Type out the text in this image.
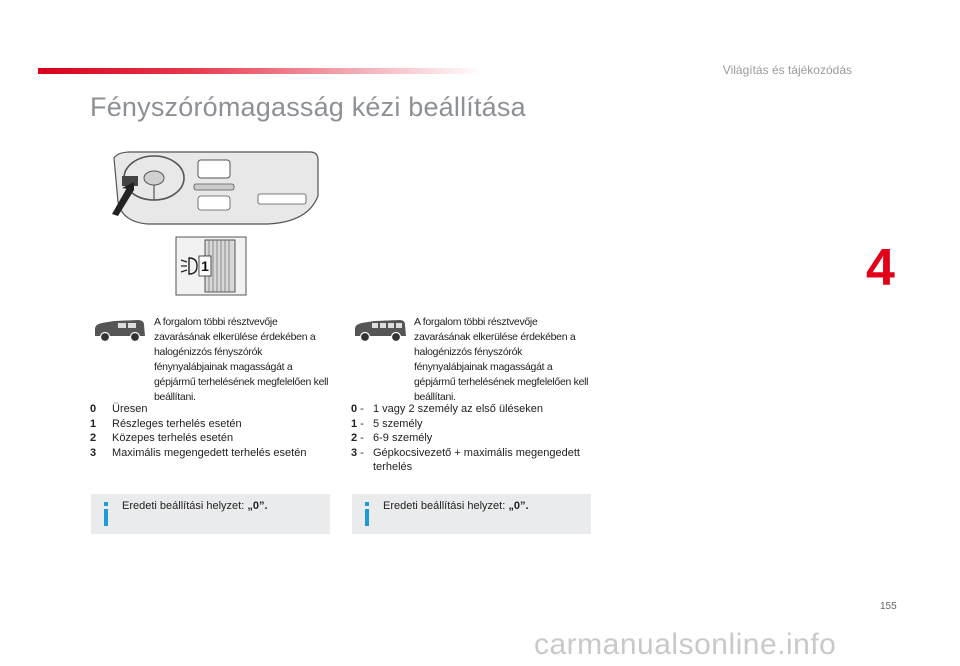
Világítás és tájékozódás
Fényszórómagasság kézi beállítása
4
1
A forgalom többi résztvevője zavarásának elkerülése érdekében a halogénizzós fényszórók fénynyalábjainak magasságát a gépjármű terhelésének megfelelően kell beállítani.
A forgalom többi résztvevője zavarásának elkerülése érdekében a halogénizzós fényszórók fénynyalábjainak magasságát a gépjármű terhelésének megfelelően kell beállítani.
0	Üresen
1	Részleges terhelés esetén
2	Közepes terhelés esetén
3	Maximális megengedett terhelés esetén
0 - 1 vagy 2 személy az első üléseken
1 - 5 személy
2 - 6-9 személy
3 - Gépkocsivezető + maximális megengedett terhelés
Eredeti beállítási helyzet: „0”.	Eredeti beállítási helyzet: „0”.
155
carmanualsonline.info
